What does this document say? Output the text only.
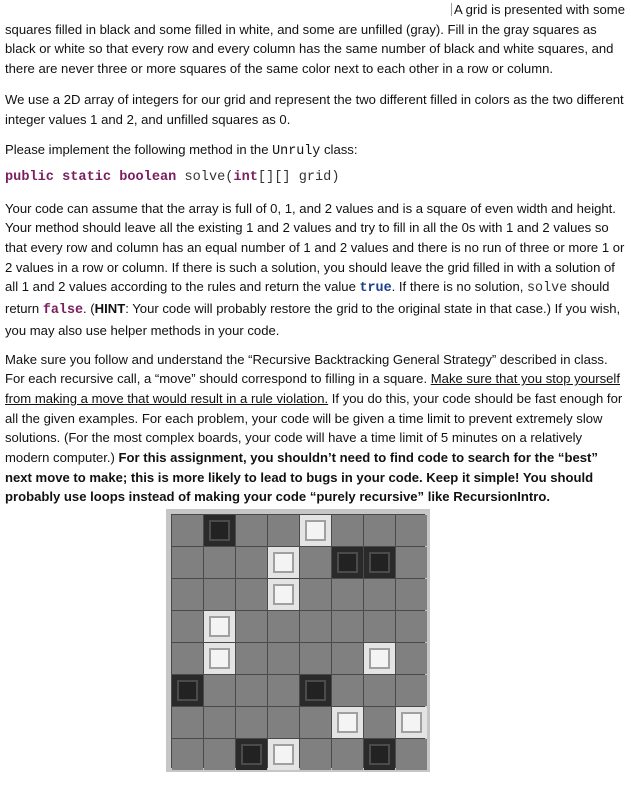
A grid is presented with some
squares filled in black and some filled in white, and some are unfilled (gray). Fill in the gray squares as black or white so that every row and every column has the same number of black and white squares, and there are never three or more squares of the same color next to each other in a row or column.

We use a 2D array of integers for our grid and represent the two different filled in colors as the two different integer values 1 and 2, and unfilled squares as 0.

Please implement the following method in the Unruly class:

public static boolean solve(int[][] grid)

Your code can assume that the array is full of 0, 1, and 2 values and is a square of even width and height. Your method should leave all the existing 1 and 2 values and try to fill in all the 0s with 1 and 2 values so that every row and column has an equal number of 1 and 2 values and there is no run of three or more 1 or 2 values in a row or column. If there is such a solution, you should leave the grid filled in with a solution of all 1 and 2 values according to the rules and return the value true. If there is no solution, solve should return false. (HINT: Your code will probably restore the grid to the original state in that case.) If you wish, you may also use helper methods in your code.

Make sure you follow and understand the “Recursive Backtracking General Strategy” described in class. For each recursive call, a “move” should correspond to filling in a square. Make sure that you stop yourself from making a move that would result in a rule violation. If you do this, your code should be fast enough for all the given examples. For each problem, your code will be given a time limit to prevent extremely slow solutions. (For the most complex boards, your code will have a time limit of 5 minutes on a relatively modern computer.) For this assignment, you shouldn’t need to find code to search for the “best” next move to make; this is more likely to lead to bugs in your code. Keep it simple! You should probably use loops instead of making your code “purely recursive” like RecursionIntro.
